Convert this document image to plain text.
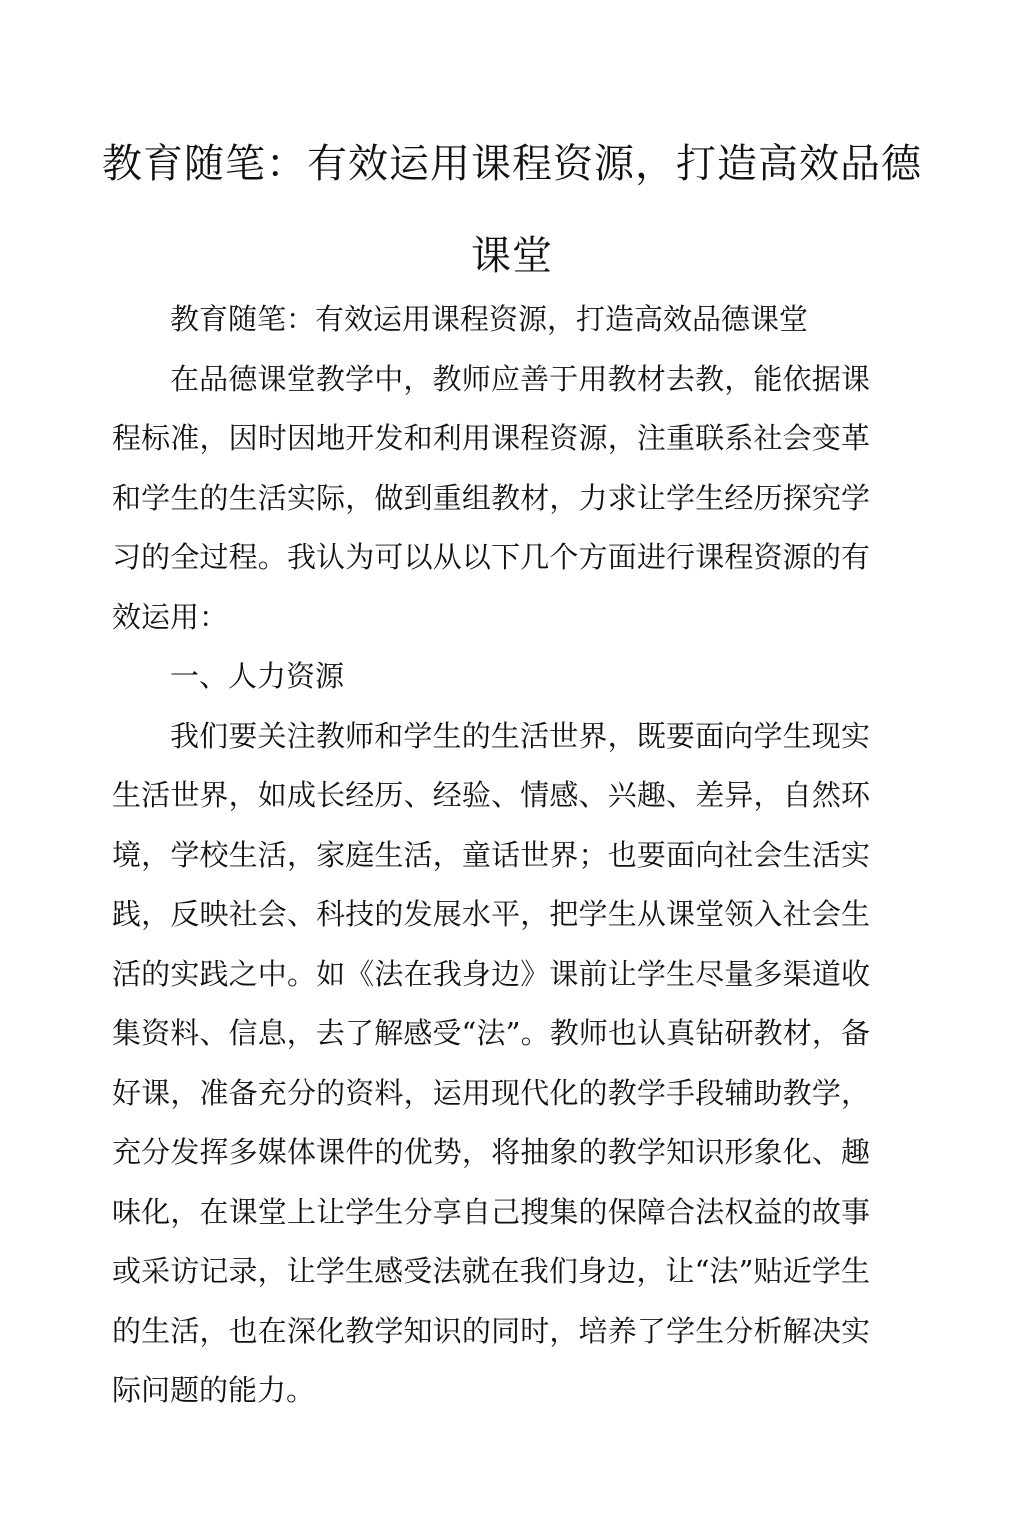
教育随笔：有效运用课程资源，打造高效品德课堂

教育随笔：有效运用课程资源，打造高效品德课堂

在品德课堂教学中，教师应善于用教材去教，能依据课程标准，因时因地开发和利用课程资源，注重联系社会变革和学生的生活实际，做到重组教材，力求让学生经历探究学习的全过程。我认为可以从以下几个方面进行课程资源的有效运用：

一、人力资源

我们要关注教师和学生的生活世界，既要面向学生现实生活世界，如成长经历、经验、情感、兴趣、差异，自然环境，学校生活，家庭生活，童话世界；也要面向社会生活实践，反映社会、科技的发展水平，把学生从课堂领入社会生活的实践之中。如《法在我身边》课前让学生尽量多渠道收集资料、信息，去了解感受“法”。教师也认真钻研教材，备好课，准备充分的资料，运用现代化的教学手段辅助教学，充分发挥多媒体课件的优势，将抽象的教学知识形象化、趣味化，在课堂上让学生分享自己搜集的保障合法权益的故事或采访记录，让学生感受法就在我们身边，让“法”贴近学生的生活，也在深化教学知识的同时，培养了学生分析解决实际问题的能力。
